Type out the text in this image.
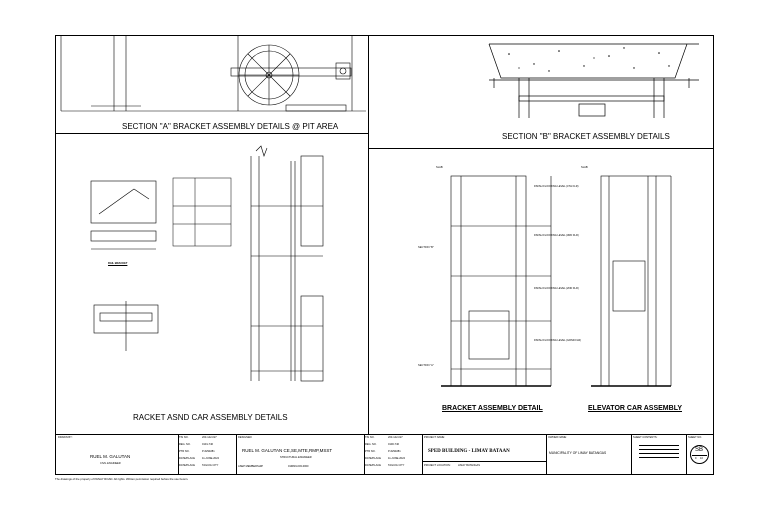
SECTION "A" BRACKET ASSEMBLY DETAILS @ PIT AREA
SECTION "B" BRACKET ASSEMBLY DETAILS
RAIL BRACKET
RACKET ASND CAR ASSEMBLY DETAILS
FINISH FLOORING LEVEL (4TH FLR)
FINISH FLOORING LEVEL (3RD FLR)
FINISH FLOORING LEVEL (2ND FLR)
FINISH FLOORING LEVEL (GRND FLR)
SECTION "B"
SECTION "A"
SLAB	SLAB
BRACKET ASSEMBLY DETAIL	ELEVATOR CAR ASSEMBLY
DRAWN BY:
RUEL M. GALUTAN
CIVIL ENGINEER
TIN NO.	203-142-027
REG. NO.	0101-746
PTR NO.	P-6293281
DATE/PLACE	11-JUNE-2024
DATE/PLACE	TAGUIG CITY
DESIGNED:
RUEL M. GALUTAN CE,SE,MTE,RMP,MSST
STRUCTURAL ENGINEER
ASEP MEMBERSHIP	019819-003-0000
TIN NO.	203-142-027
REG. NO.	0100-746
PTR NO.	P-6293281
DATE/PLACE	11-JUNE-2024
DATE/PLACE	TAGUIG CITY
PROJECT NAME:
SPED BUILDING - LIMAY BATAAN
PROJECT LOCATION:	LIMAY BATANGAS
OWNER NAME:
MUNICIPALITY OF LIMAY BATANGAS
SHEET CONTENTS:	SHEET NO.
SB
9 10
The drawings of the property of PANAY ROAD. All rights. Written permission required before the use herein.
